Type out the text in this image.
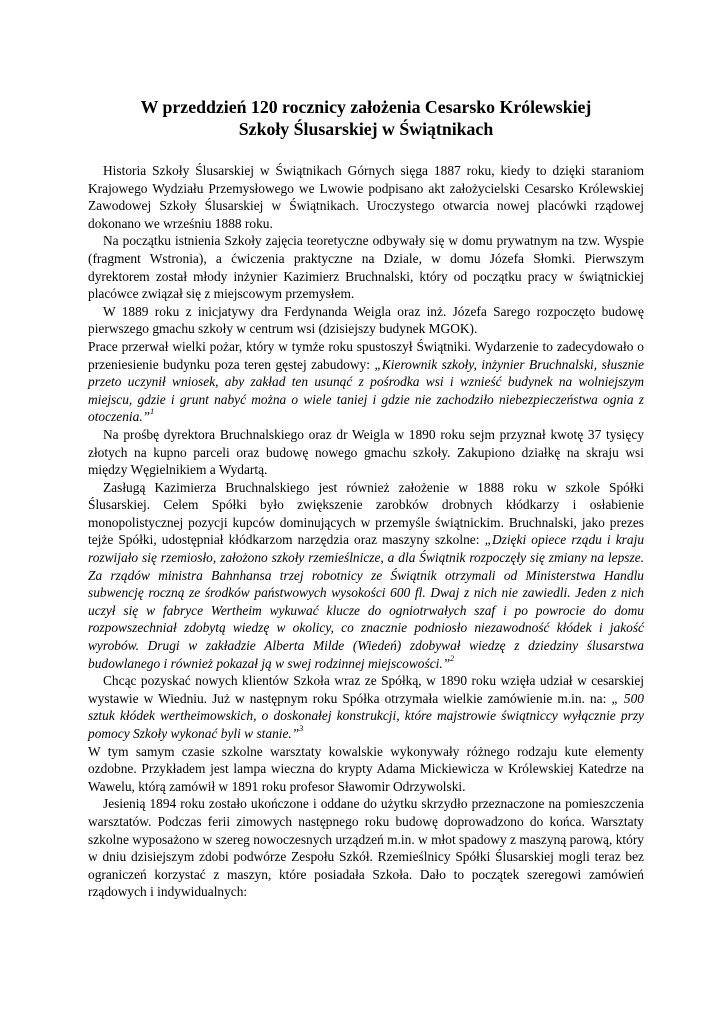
W przeddzień 120 rocznicy założenia Cesarsko Królewskiej
Szkoły Ślusarskiej w Świątnikach

Historia Szkoły Ślusarskiej w Świątnikach Górnych sięga 1887 roku, kiedy to dzięki staraniom Krajowego Wydziału Przemysłowego we Lwowie podpisano akt założycielski Cesarsko Królewskiej Zawodowej Szkoły Ślusarskiej w Świątnikach. Uroczystego otwarcia nowej placówki rządowej dokonano we wrześniu 1888 roku.

Na początku istnienia Szkoły zajęcia teoretyczne odbywały się w domu prywatnym na tzw. Wyspie (fragment Wstronia), a ćwiczenia praktyczne na Dziale, w domu Józefa Słomki. Pierwszym dyrektorem został młody inżynier Kazimierz Bruchnalski, który od początku pracy w świątnickiej placówce związał się z miejscowym przemysłem.

W 1889 roku z inicjatywy dra Ferdynanda Weigla oraz inż. Józefa Sarego rozpoczęto budowę pierwszego gmachu szkoły w centrum wsi (dzisiejszy budynek MGOK).

Prace przerwał wielki pożar, który w tymże roku spustoszył Świątniki. Wydarzenie to zadecydowało o przeniesienie budynku poza teren gęstej zabudowy: „Kierownik szkoły, inżynier Bruchnalski, słusznie przeto uczynił wniosek, aby zakład ten usunąć z pośrodka wsi i wznieść budynek na wolniejszym miejscu, gdzie i grunt nabyć można o wiele taniej i gdzie nie zachodziło niebezpieczeństwa ognia z otoczenia.”$^1$

Na prośbę dyrektora Bruchnalskiego oraz dr Weigla w 1890 roku sejm przyznał kwotę 37 tysięcy złotych na kupno parceli oraz budowę nowego gmachu szkoły. Zakupiono działkę na skraju wsi między Węgielnikiem a Wydartą.

Zasługą Kazimierza Bruchnalskiego jest również założenie w 1888 roku w szkole Spółki Ślusarskiej. Celem Spółki było zwiększenie zarobków drobnych kłódkarzy i osłabienie monopolistycznej pozycji kupców dominujących w przemyśle świątnickim. Bruchnalski, jako prezes tejże Spółki, udostępniał kłódkarzom narzędzia oraz maszyny szkolne: „Dzięki opiece rządu i kraju rozwijało się rzemiosło, założono szkoły rzemieślnicze, a dla Świątnik rozpoczęły się zmiany na lepsze. Za rządów ministra Bahnhansa trzej robotnicy ze Świątnik otrzymali od Ministerstwa Handlu subwencję roczną ze środków państwowych wysokości 600 fl. Dwaj z nich nie zawiedli. Jeden z nich uczył się w fabryce Wertheim wykuwać klucze do ogniotrwałych szaf i po powrocie do domu rozpowszechniał zdobytą wiedzę w okolicy, co znacznie podniosło niezawodność kłódek i jakość wyrobów. Drugi w zakładzie Alberta Milde (Wiedeń) zdobywał wiedzę z dziedziny ślusarstwa budowlanego i również pokazał ją w swej rodzinnej miejscowości.”$^2$

Chcąc pozyskać nowych klientów Szkoła wraz ze Spółką, w 1890 roku wzięła udział w cesarskiej wystawie w Wiedniu. Już w następnym roku Spółka otrzymała wielkie zamówienie m.in. na: „ 500 sztuk kłódek wertheimowskich, o doskonałej konstrukcji, które majstrowie świątniccy wyłącznie przy pomocy Szkoły wykonać byli w stanie.”$^3$

W tym samym czasie szkolne warsztaty kowalskie wykonywały różnego rodzaju kute elementy ozdobne. Przykładem jest lampa wieczna do krypty Adama Mickiewicza w Królewskiej Katedrze na Wawelu, którą zamówił w 1891 roku profesor Sławomir Odrzywolski.

Jesienią 1894 roku zostało ukończone i oddane do użytku skrzydło przeznaczone na pomieszczenia warsztatów. Podczas ferii zimowych następnego roku budowę doprowadzono do końca. Warsztaty szkolne wyposażono w szereg nowoczesnych urządzeń m.in. w młot spadowy z maszyną parową, który w dniu dzisiejszym zdobi podwórze Zespołu Szkół. Rzemieślnicy Spółki Ślusarskiej mogli teraz bez ograniczeń korzystać z maszyn, które posiadała Szkoła. Dało to początek szeregowi zamówień rządowych i indywidualnych:
